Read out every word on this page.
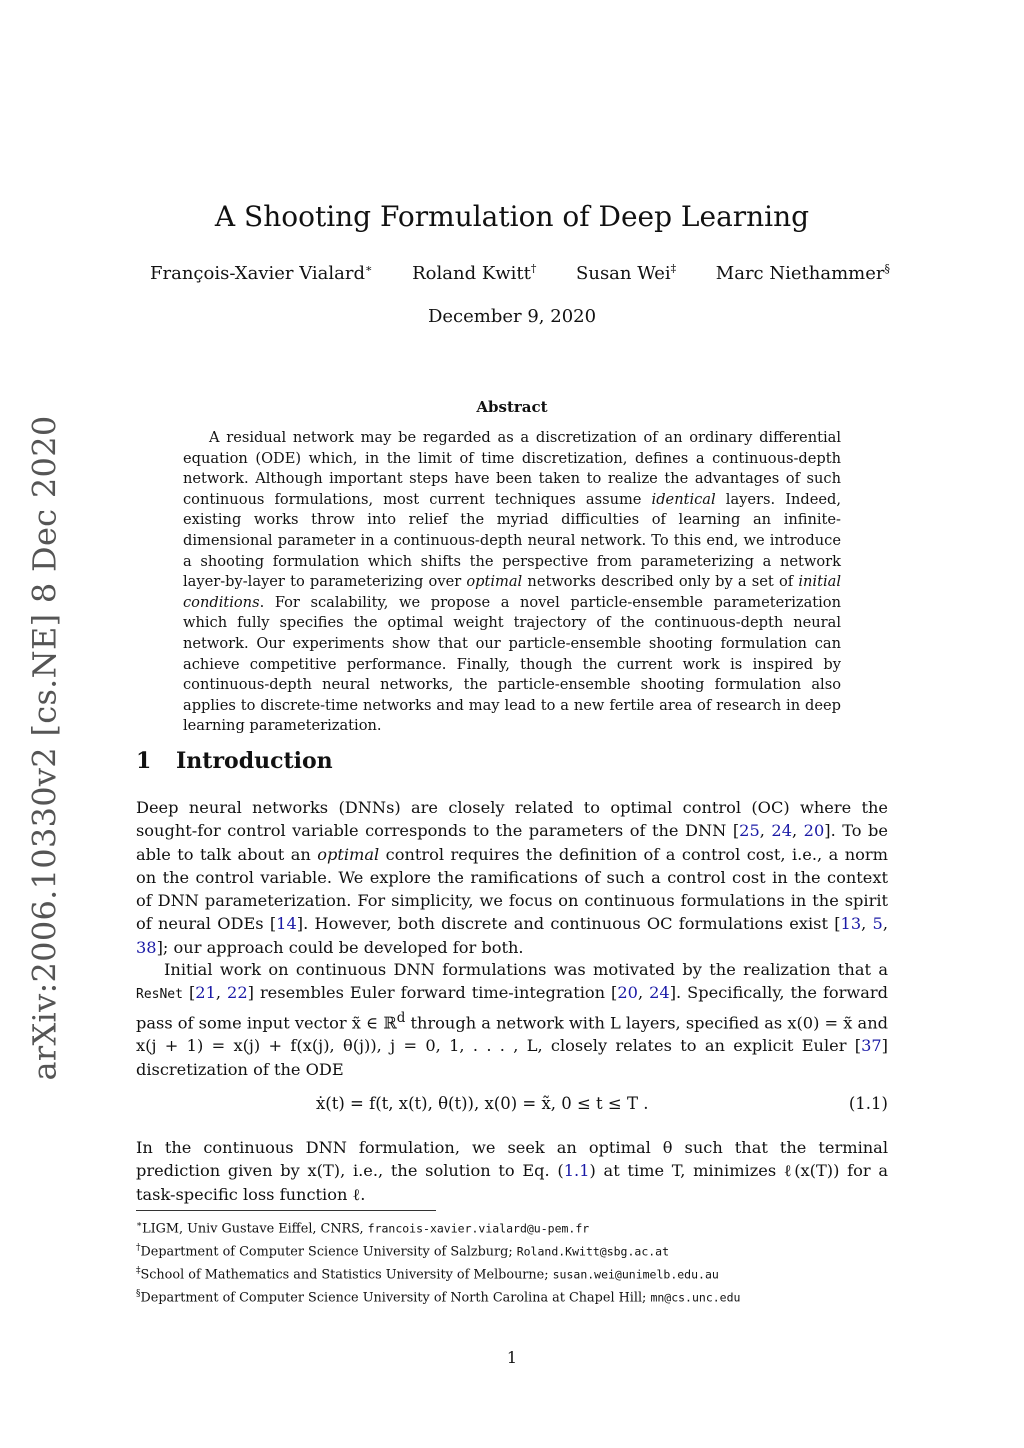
arXiv:2006.10330v2 [cs.NE] 8 Dec 2020
A Shooting Formulation of Deep Learning
François-Xavier Vialard∗ Roland Kwitt† Susan Wei‡ Marc Niethammer§
December 9, 2020
Abstract
A residual network may be regarded as a discretization of an ordinary differential equation (ODE) which, in the limit of time discretization, defines a continuous-depth network. Although important steps have been taken to realize the advantages of such continuous formulations, most current techniques assume identical layers. Indeed, existing works throw into relief the myriad difficulties of learning an infinite-dimensional parameter in a continuous-depth neural network. To this end, we introduce a shooting formulation which shifts the perspective from parameterizing a network layer-by-layer to parameterizing over optimal networks described only by a set of initial conditions. For scalability, we propose a novel particle-ensemble parameterization which fully specifies the optimal weight trajectory of the continuous-depth neural network. Our experiments show that our particle-ensemble shooting formulation can achieve competitive performance. Finally, though the current work is inspired by continuous-depth neural networks, the particle-ensemble shooting formulation also applies to discrete-time networks and may lead to a new fertile area of research in deep learning parameterization.
1 Introduction
Deep neural networks (DNNs) are closely related to optimal control (OC) where the sought-for control variable corresponds to the parameters of the DNN [25, 24, 20]. To be able to talk about an optimal control requires the definition of a control cost, i.e., a norm on the control variable. We explore the ramifications of such a control cost in the context of DNN parameterization. For simplicity, we focus on continuous formulations in the spirit of neural ODEs [14]. However, both discrete and continuous OC formulations exist [13, 5, 38]; our approach could be developed for both.
Initial work on continuous DNN formulations was motivated by the realization that a ResNet [21, 22] resembles Euler forward time-integration [20, 24]. Specifically, the forward pass of some input vector x̃ ∈ ℝ$^d$ through a network with L layers, specified as x(0) = x̃ and x(j + 1) = x(j) + f(x(j), θ(j)), j = 0, 1, . . . , L, closely relates to an explicit Euler [37] discretization of the ODE
ẋ(t) = f(t, x(t), θ(t)), x(0) = x̃, 0 ≤ t ≤ T .	(1.1)
In the continuous DNN formulation, we seek an optimal θ such that the terminal prediction given by x(T), i.e., the solution to Eq. (1.1) at time T, minimizes ℓ(x(T)) for a task-specific loss function ℓ.
∗LIGM, Univ Gustave Eiffel, CNRS, francois-xavier.vialard@u-pem.fr
†Department of Computer Science University of Salzburg; Roland.Kwitt@sbg.ac.at
‡School of Mathematics and Statistics University of Melbourne; susan.wei@unimelb.edu.au
§Department of Computer Science University of North Carolina at Chapel Hill; mn@cs.unc.edu
1
